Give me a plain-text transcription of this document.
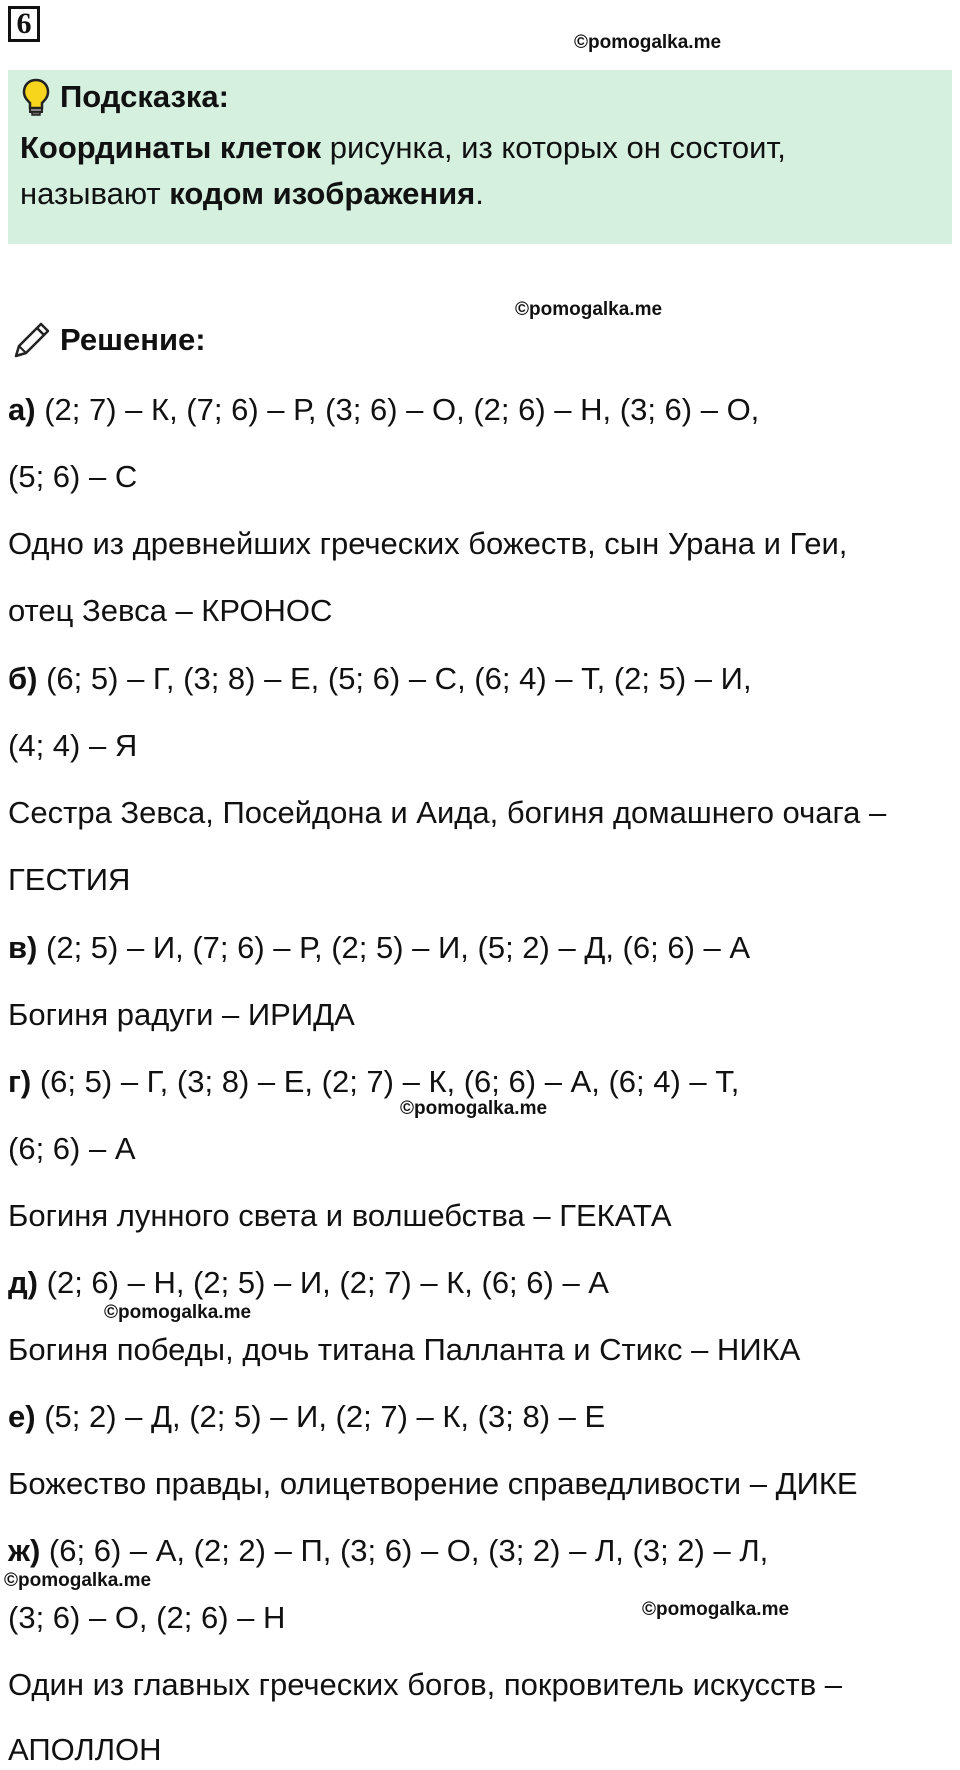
6
©pomogalka.me
Подсказка:
Координаты клеток рисунка, из которых он состоит,
называют кодом изображения.
©pomogalka.me
Решение:
а) (2; 7) – К, (7; 6) – Р, (3; 6) – О, (2; 6) – Н, (3; 6) – О,
(5; 6) – С
Одно из древнейших греческих божеств, сын Урана и Геи,
отец Зевса – КРОНОС
б) (6; 5) – Г, (3; 8) – Е, (5; 6) – С, (6; 4) – Т, (2; 5) – И,
(4; 4) – Я
Сестра Зевса, Посейдона и Аида, богиня домашнего очага –
ГЕСТИЯ
в) (2; 5) – И, (7; 6) – Р, (2; 5) – И, (5; 2) – Д, (6; 6) – А
Богиня радуги – ИРИДА
г) (6; 5) – Г, (3; 8) – Е, (2; 7) – К, (6; 6) – А, (6; 4) – Т,
©pomogalka.me
(6; 6) – А
Богиня лунного света и волшебства – ГЕКАТА
д) (2; 6) – Н, (2; 5) – И, (2; 7) – К, (6; 6) – А
©pomogalka.me
Богиня победы, дочь титана Палланта и Стикс – НИКА
е) (5; 2) – Д, (2; 5) – И, (2; 7) – К, (3; 8) – Е
Божество правды, олицетворение справедливости – ДИКЕ
ж) (6; 6) – А, (2; 2) – П, (3; 6) – О, (3; 2) – Л, (3; 2) – Л,
©pomogalka.me
(3; 6) – О, (2; 6) – Н	©pomogalka.me
Один из главных греческих богов, покровитель искусств –
АПОЛЛОН
